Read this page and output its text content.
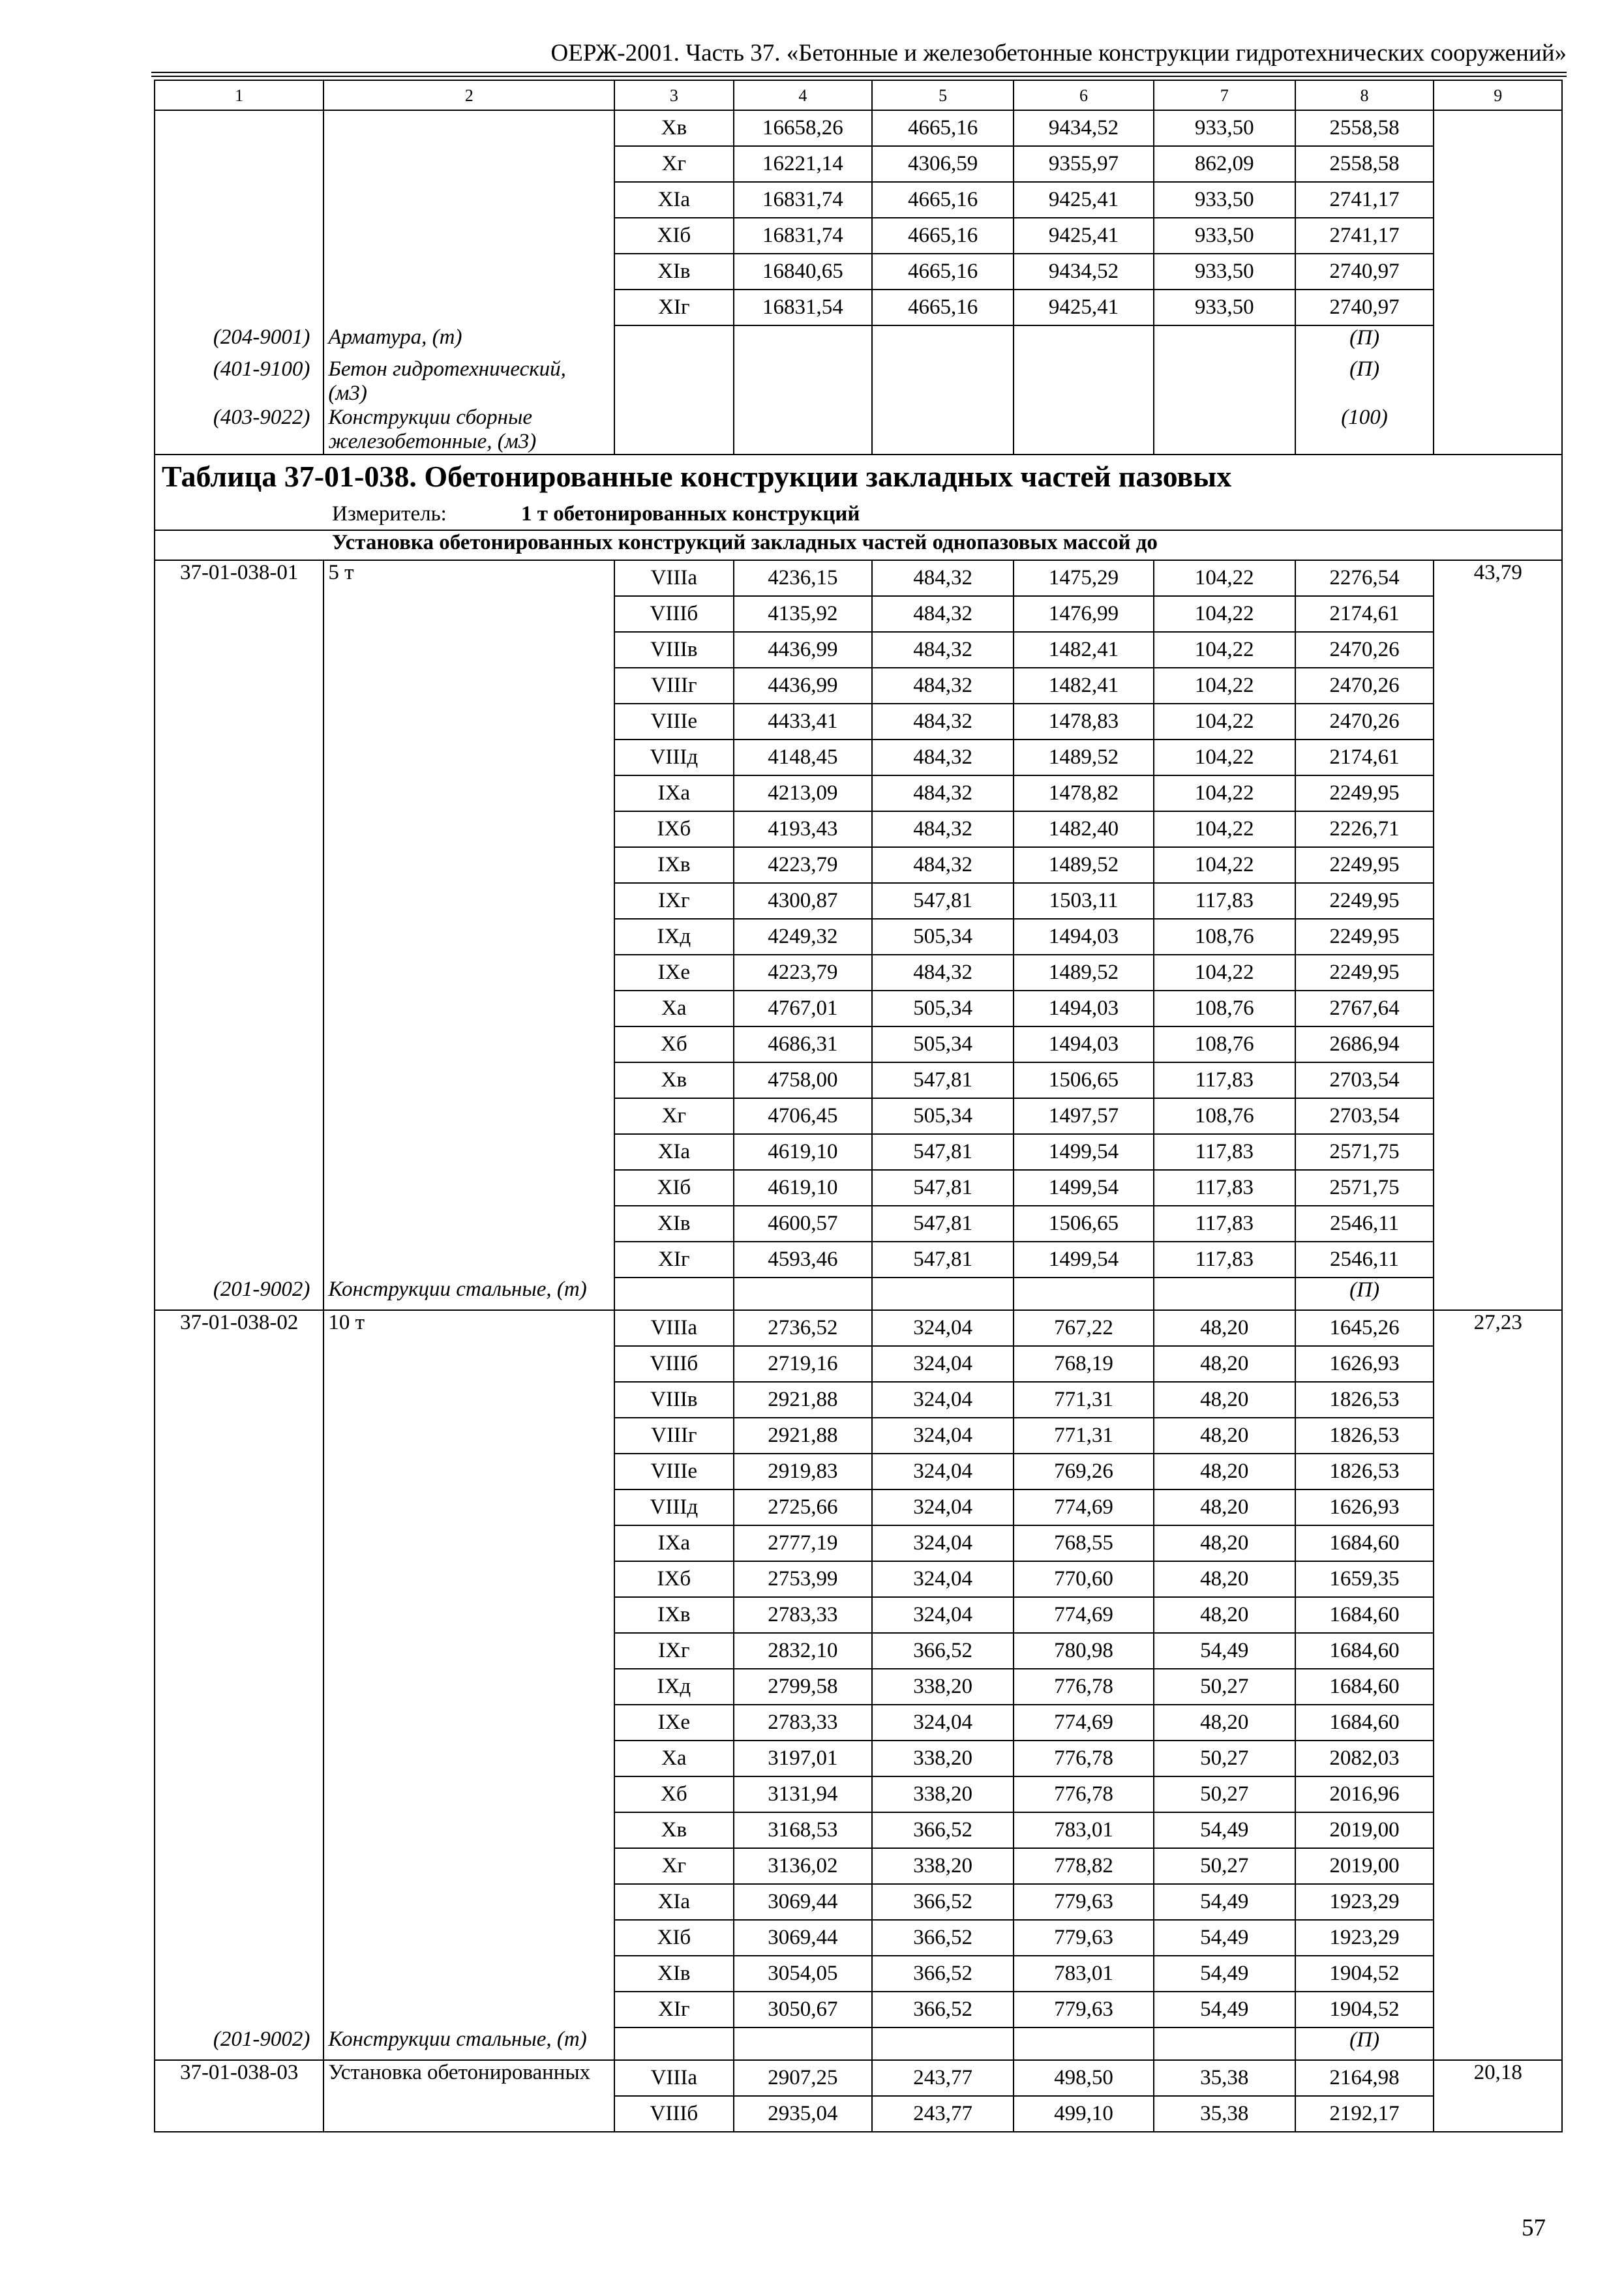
ОЕРЖ-2001. Часть 37. «Бетонные и железобетонные конструкции гидротехнических сооружений»
1	2	3	4	5	6	7	8	9
		Хв	16658,26	4665,16	9434,52	933,50	2558,58	
		Хг	16221,14	4306,59	9355,97	862,09	2558,58	
		ХIа	16831,74	4665,16	9425,41	933,50	2741,17	
		ХIб	16831,74	4665,16	9425,41	933,50	2741,17	
		ХIв	16840,65	4665,16	9434,52	933,50	2740,97	
		ХIг	16831,54	4665,16	9425,41	933,50	2740,97	
(204-9001)	Арматура, (т)						(П)	
(401-9100)	Бетон гидротехнический, (м3)						(П)	
(403-9022)	Конструкции сборные железобетонные, (м3)						(100)	
Таблица 37-01-038. Обетонированные конструкции закладных частей пазовых								
Измеритель: 1 т обетонированных конструкций								
Установка обетонированных конструкций закладных частей однопазовых массой до								
37-01-038-01	5 т	VIIIа	4236,15	484,32	1475,29	104,22	2276,54	43,79
		VIIIб	4135,92	484,32	1476,99	104,22	2174,61	
		VIIIв	4436,99	484,32	1482,41	104,22	2470,26	
		VIIIг	4436,99	484,32	1482,41	104,22	2470,26	
		VIIIе	4433,41	484,32	1478,83	104,22	2470,26	
		VIIIд	4148,45	484,32	1489,52	104,22	2174,61	
		IХа	4213,09	484,32	1478,82	104,22	2249,95	
		IХб	4193,43	484,32	1482,40	104,22	2226,71	
		IХв	4223,79	484,32	1489,52	104,22	2249,95	
		IХг	4300,87	547,81	1503,11	117,83	2249,95	
		IХд	4249,32	505,34	1494,03	108,76	2249,95	
		IХе	4223,79	484,32	1489,52	104,22	2249,95	
		Ха	4767,01	505,34	1494,03	108,76	2767,64	
		Хб	4686,31	505,34	1494,03	108,76	2686,94	
		Хв	4758,00	547,81	1506,65	117,83	2703,54	
		Хг	4706,45	505,34	1497,57	108,76	2703,54	
		ХIа	4619,10	547,81	1499,54	117,83	2571,75	
		ХIб	4619,10	547,81	1499,54	117,83	2571,75	
		ХIв	4600,57	547,81	1506,65	117,83	2546,11	
		ХIг	4593,46	547,81	1499,54	117,83	2546,11	
(201-9002)	Конструкции стальные, (т)						(П)	
37-01-038-02	10 т	VIIIа	2736,52	324,04	767,22	48,20	1645,26	27,23
		VIIIб	2719,16	324,04	768,19	48,20	1626,93	
		VIIIв	2921,88	324,04	771,31	48,20	1826,53	
		VIIIг	2921,88	324,04	771,31	48,20	1826,53	
		VIIIе	2919,83	324,04	769,26	48,20	1826,53	
		VIIIд	2725,66	324,04	774,69	48,20	1626,93	
		IХа	2777,19	324,04	768,55	48,20	1684,60	
		IХб	2753,99	324,04	770,60	48,20	1659,35	
		IХв	2783,33	324,04	774,69	48,20	1684,60	
		IХг	2832,10	366,52	780,98	54,49	1684,60	
		IХд	2799,58	338,20	776,78	50,27	1684,60	
		IХе	2783,33	324,04	774,69	48,20	1684,60	
		Ха	3197,01	338,20	776,78	50,27	2082,03	
		Хб	3131,94	338,20	776,78	50,27	2016,96	
		Хв	3168,53	366,52	783,01	54,49	2019,00	
		Хг	3136,02	338,20	778,82	50,27	2019,00	
		ХIа	3069,44	366,52	779,63	54,49	1923,29	
		ХIб	3069,44	366,52	779,63	54,49	1923,29	
		ХIв	3054,05	366,52	783,01	54,49	1904,52	
		ХIг	3050,67	366,52	779,63	54,49	1904,52	
(201-9002)	Конструкции стальные, (т)						(П)	
37-01-038-03	Установка обетонированных	VIIIа	2907,25	243,77	498,50	35,38	2164,98	20,18
		VIIIб	2935,04	243,77	499,10	35,38	2192,17	
57
